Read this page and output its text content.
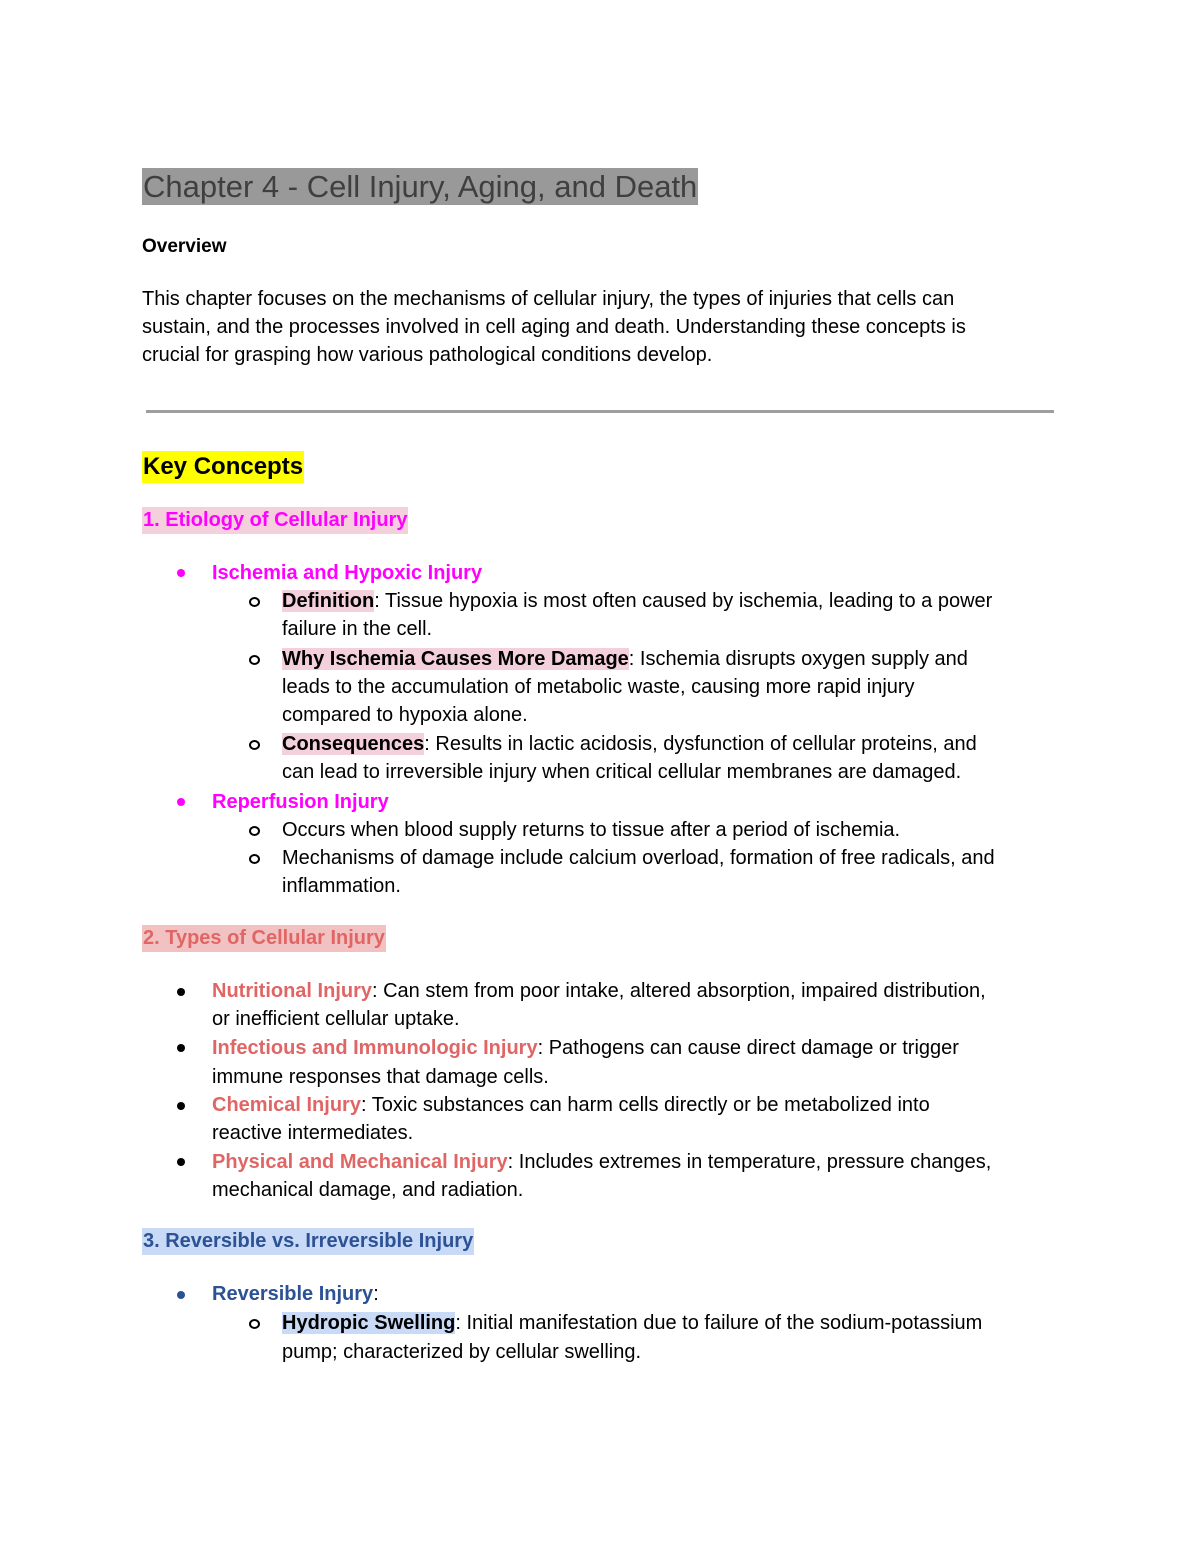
Chapter 4 - Cell Injury, Aging, and Death
Overview
This chapter focuses on the mechanisms of cellular injury, the types of injuries that cells can
sustain, and the processes involved in cell aging and death. Understanding these concepts is
crucial for grasping how various pathological conditions develop.
Key Concepts
1. Etiology of Cellular Injury
Ischemia and Hypoxic Injury
Definition: Tissue hypoxia is most often caused by ischemia, leading to a power
failure in the cell.
Why Ischemia Causes More Damage: Ischemia disrupts oxygen supply and
leads to the accumulation of metabolic waste, causing more rapid injury
compared to hypoxia alone.
Consequences: Results in lactic acidosis, dysfunction of cellular proteins, and
can lead to irreversible injury when critical cellular membranes are damaged.
Reperfusion Injury
Occurs when blood supply returns to tissue after a period of ischemia.
Mechanisms of damage include calcium overload, formation of free radicals, and
inflammation.
2. Types of Cellular Injury
Nutritional Injury: Can stem from poor intake, altered absorption, impaired distribution,
or inefficient cellular uptake.
Infectious and Immunologic Injury: Pathogens can cause direct damage or trigger
immune responses that damage cells.
Chemical Injury: Toxic substances can harm cells directly or be metabolized into
reactive intermediates.
Physical and Mechanical Injury: Includes extremes in temperature, pressure changes,
mechanical damage, and radiation.
3. Reversible vs. Irreversible Injury
Reversible Injury:
Hydropic Swelling: Initial manifestation due to failure of the sodium-potassium
pump; characterized by cellular swelling.
